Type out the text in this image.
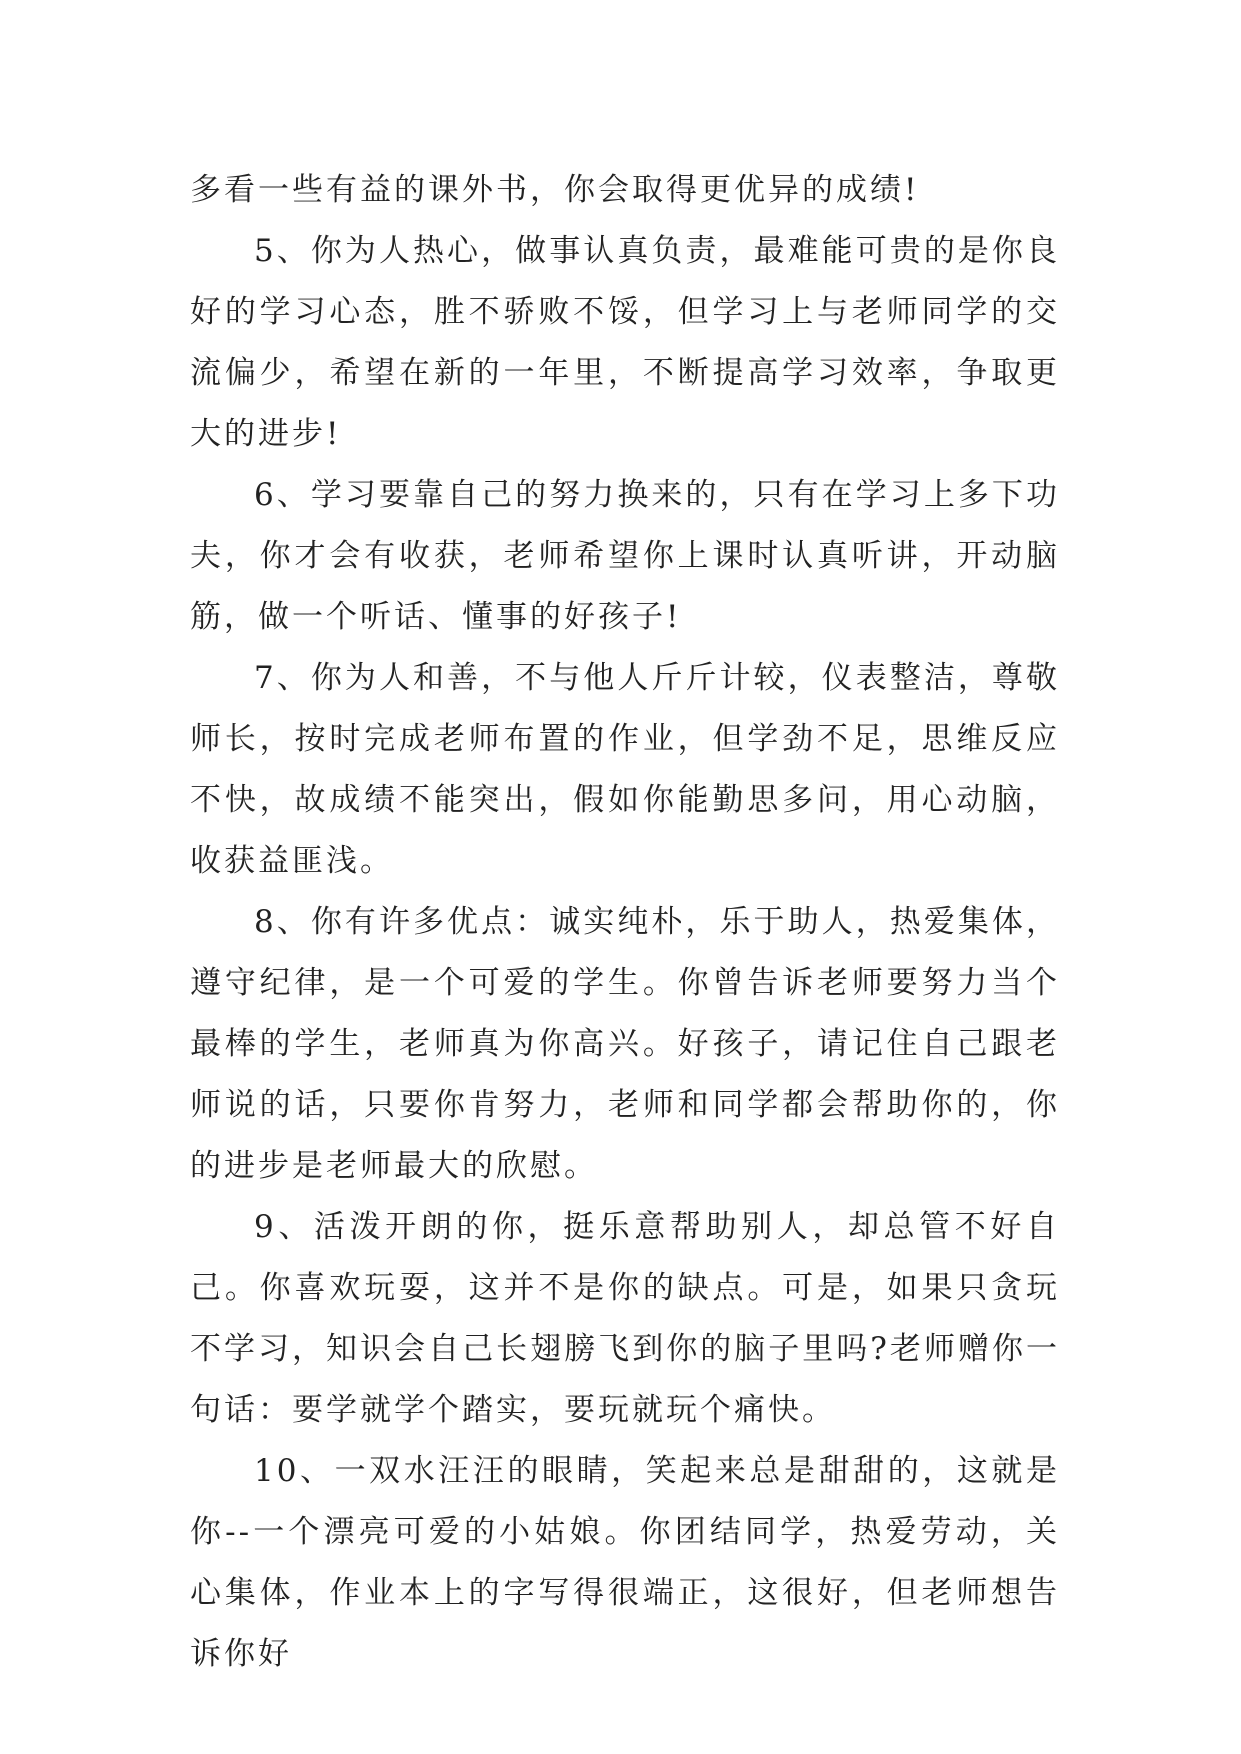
多看一些有益的课外书，你会取得更优异的成绩!

5、你为人热心，做事认真负责，最难能可贵的是你良好的学习心态，胜不骄败不馁，但学习上与老师同学的交流偏少，希望在新的一年里，不断提高学习效率，争取更大的进步!

6、学习要靠自己的努力换来的，只有在学习上多下功夫，你才会有收获，老师希望你上课时认真听讲，开动脑筋，做一个听话、懂事的好孩子!

7、你为人和善，不与他人斤斤计较，仪表整洁，尊敬师长，按时完成老师布置的作业，但学劲不足，思维反应不快，故成绩不能突出，假如你能勤思多问，用心动脑，收获益匪浅。

8、你有许多优点：诚实纯朴，乐于助人，热爱集体，遵守纪律，是一个可爱的学生。你曾告诉老师要努力当个最棒的学生，老师真为你高兴。好孩子，请记住自己跟老师说的话，只要你肯努力，老师和同学都会帮助你的，你的进步是老师最大的欣慰。

9、活泼开朗的你，挺乐意帮助别人，却总管不好自己。你喜欢玩耍，这并不是你的缺点。可是，如果只贪玩不学习，知识会自己长翅膀飞到你的脑子里吗?老师赠你一句话：要学就学个踏实，要玩就玩个痛快。

10、一双水汪汪的眼睛，笑起来总是甜甜的，这就是你--一个漂亮可爱的小姑娘。你团结同学，热爱劳动，关心集体，作业本上的字写得很端正，这很好，但老师想告诉你好
